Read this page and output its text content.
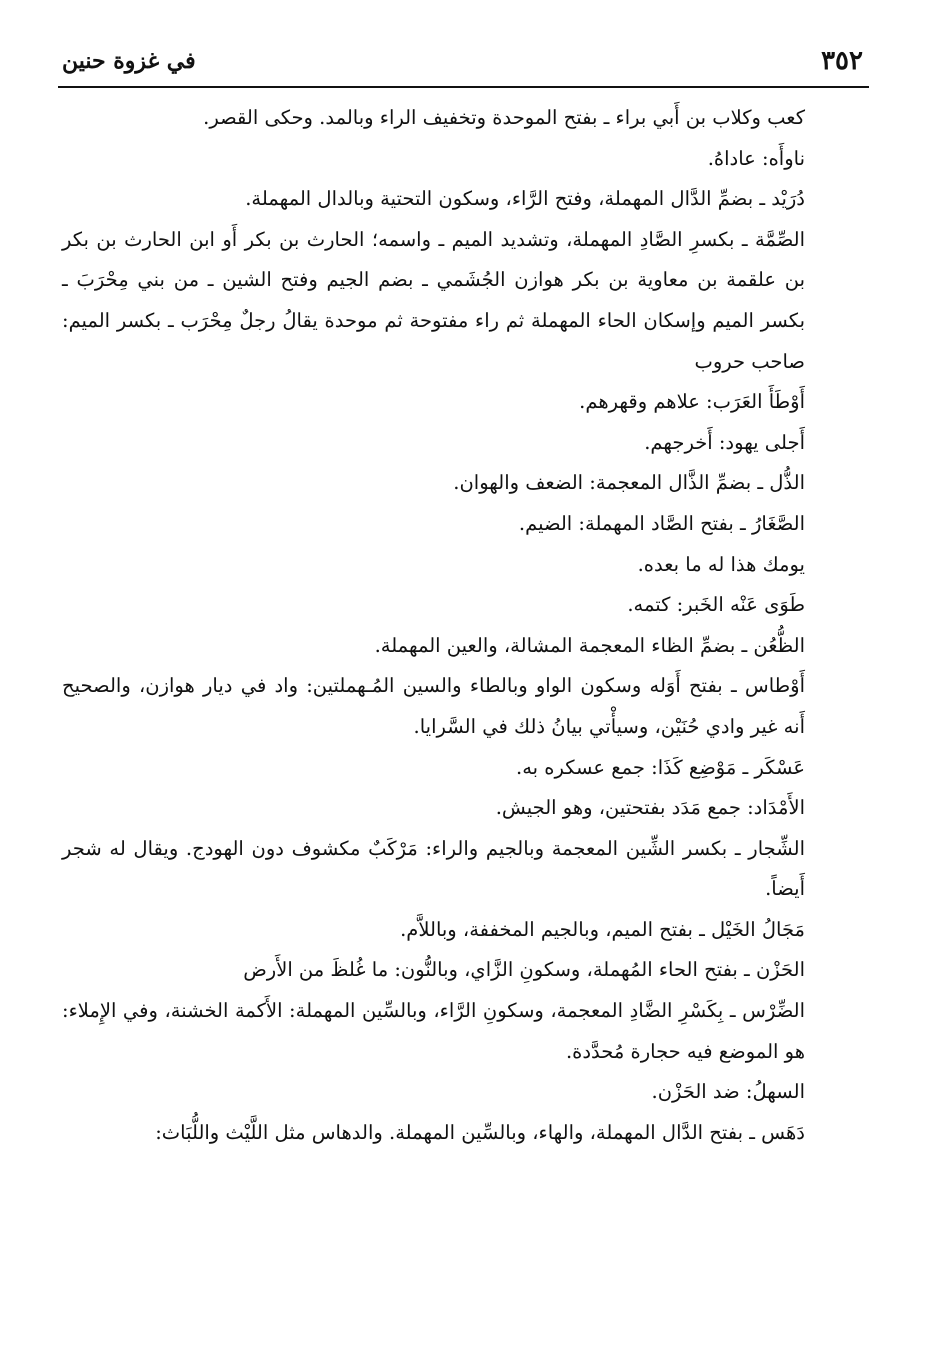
٣٥٢
في غزوة حنين

كعب وكلاب بن أَبي براء ـ بفتح الموحدة وتخفيف الراء وبالمد. وحكى القصر.

ناوأَه: عاداهُ.

دُرَيْد ـ بضمِّ الدَّال المهملة، وفتح الرَّاء، وسكون التحتية وبالدال المهملة.

الصِّمَّة ـ بكسرِ الصَّادِ المهملة، وتشديد الميم ـ واسمه؛ الحارث بن بكر أَو ابن الحارث بن بكر بن علقمة بن معاوية بن بكر هوازن الجُشَمي ـ بضم الجيم وفتح الشين ـ من بني مِحْرَبَ ـ بكسر الميم وإسكان الحاء المهملة ثم راء مفتوحة ثم موحدة يقالُ رجلٌ مِحْرَب ـ بكسر الميم: صاحب حروب

أَوْطَأَ العَرَب: علاهم وقهرهم.

أَجلى يهود: أَخرجهم.

الذُّل ـ بضمِّ الذَّال المعجمة: الضعف والهوان.

الصَّغَارُ ـ بفتح الصَّاد المهملة: الضيم.

يومك هذا له ما بعده.

طَوَى عَنْه الخَبر: كتمه.

الظُّعُن ـ بضمِّ الظاء المعجمة المشالة، والعين المهملة.

أَوْطاس ـ بفتح أَوَله وسكون الواو وبالطاء والسين المُـهملتين: واد في ديار هوازن، والصحيح أَنه غير وادي حُنَيْن، وسيأْتي بيانُ ذلك في السَّرايا.

عَسْكَر ـ مَوْضِع كَذَا: جمع عسكره به.

الأَمْدَاد: جمع مَدَد بفتحتين، وهو الجيش.

الشِّجار ـ بكسر الشِّين المعجمة وبالجيم والراء: مَرْكَبٌ مكشوف دون الهودج. ويقال له شجر أَيضاً.

مَجَالُ الخَيْل ـ بفتح الميم، وبالجيم المخففة، وباللاَّم.

الحَزْن ـ بفتح الحاء المُهملة، وسكونِ الزَّاي، وبالنُّون: ما غُلظَ من الأَرض

الضِّرْس ـ بِكَسْرِ الضَّادِ المعجمة، وسكونِ الرَّاء، وبالسِّين المهملة: الأَكمة الخشنة، وفي الإِملاء: هو الموضع فيه حجارة مُحدَّدة.

السهلُ: ضد الحَزْن.

دَهَس ـ بفتح الدَّال المهملة، والهاء، وبالسِّين المهملة. والدهاس مثل اللَّيْث واللُّبَاث:
